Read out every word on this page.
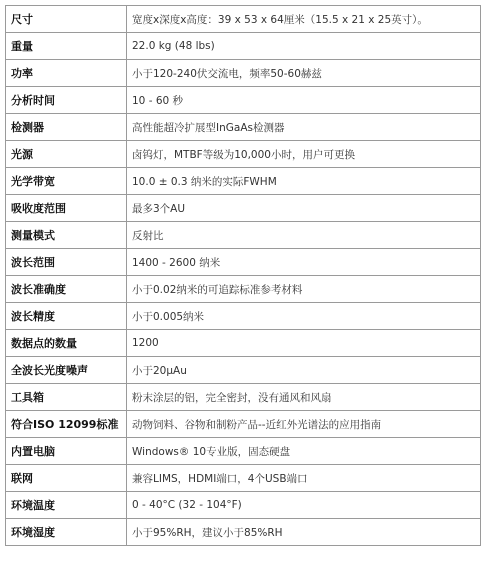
尺寸	宽度x深度x高度：39 x 53 x 64厘米（15.5 x 21 x 25英寸）。
重量	22.0 kg (48 lbs)
功率	小于120-240伏交流电，频率50-60赫兹
分析时间	10 - 60 秒
检测器	高性能超冷扩展型InGaAs检测器
光源	卤钨灯，MTBF等级为10,000小时，用户可更换
光学带宽	10.0 ± 0.3 纳米的实际FWHM
吸收度范围	最多3个AU
测量模式	反射比
波长范围	1400 - 2600 纳米
波长准确度	小于0.02纳米的可追踪标准参考材料
波长精度	小于0.005纳米
数据点的数量	1200
全波长光度噪声	小于20μAu
工具箱	粉末涂层的铝，完全密封，没有通风和风扇
符合ISO 12099标准	动物饲料、谷物和制粉产品--近红外光谱法的应用指南
内置电脑	Windows® 10专业版，固态硬盘
联网	兼容LIMS，HDMI端口，4个USB端口
环境温度	0 - 40°C (32 - 104°F)
环境湿度	小于95%RH，建议小于85%RH
